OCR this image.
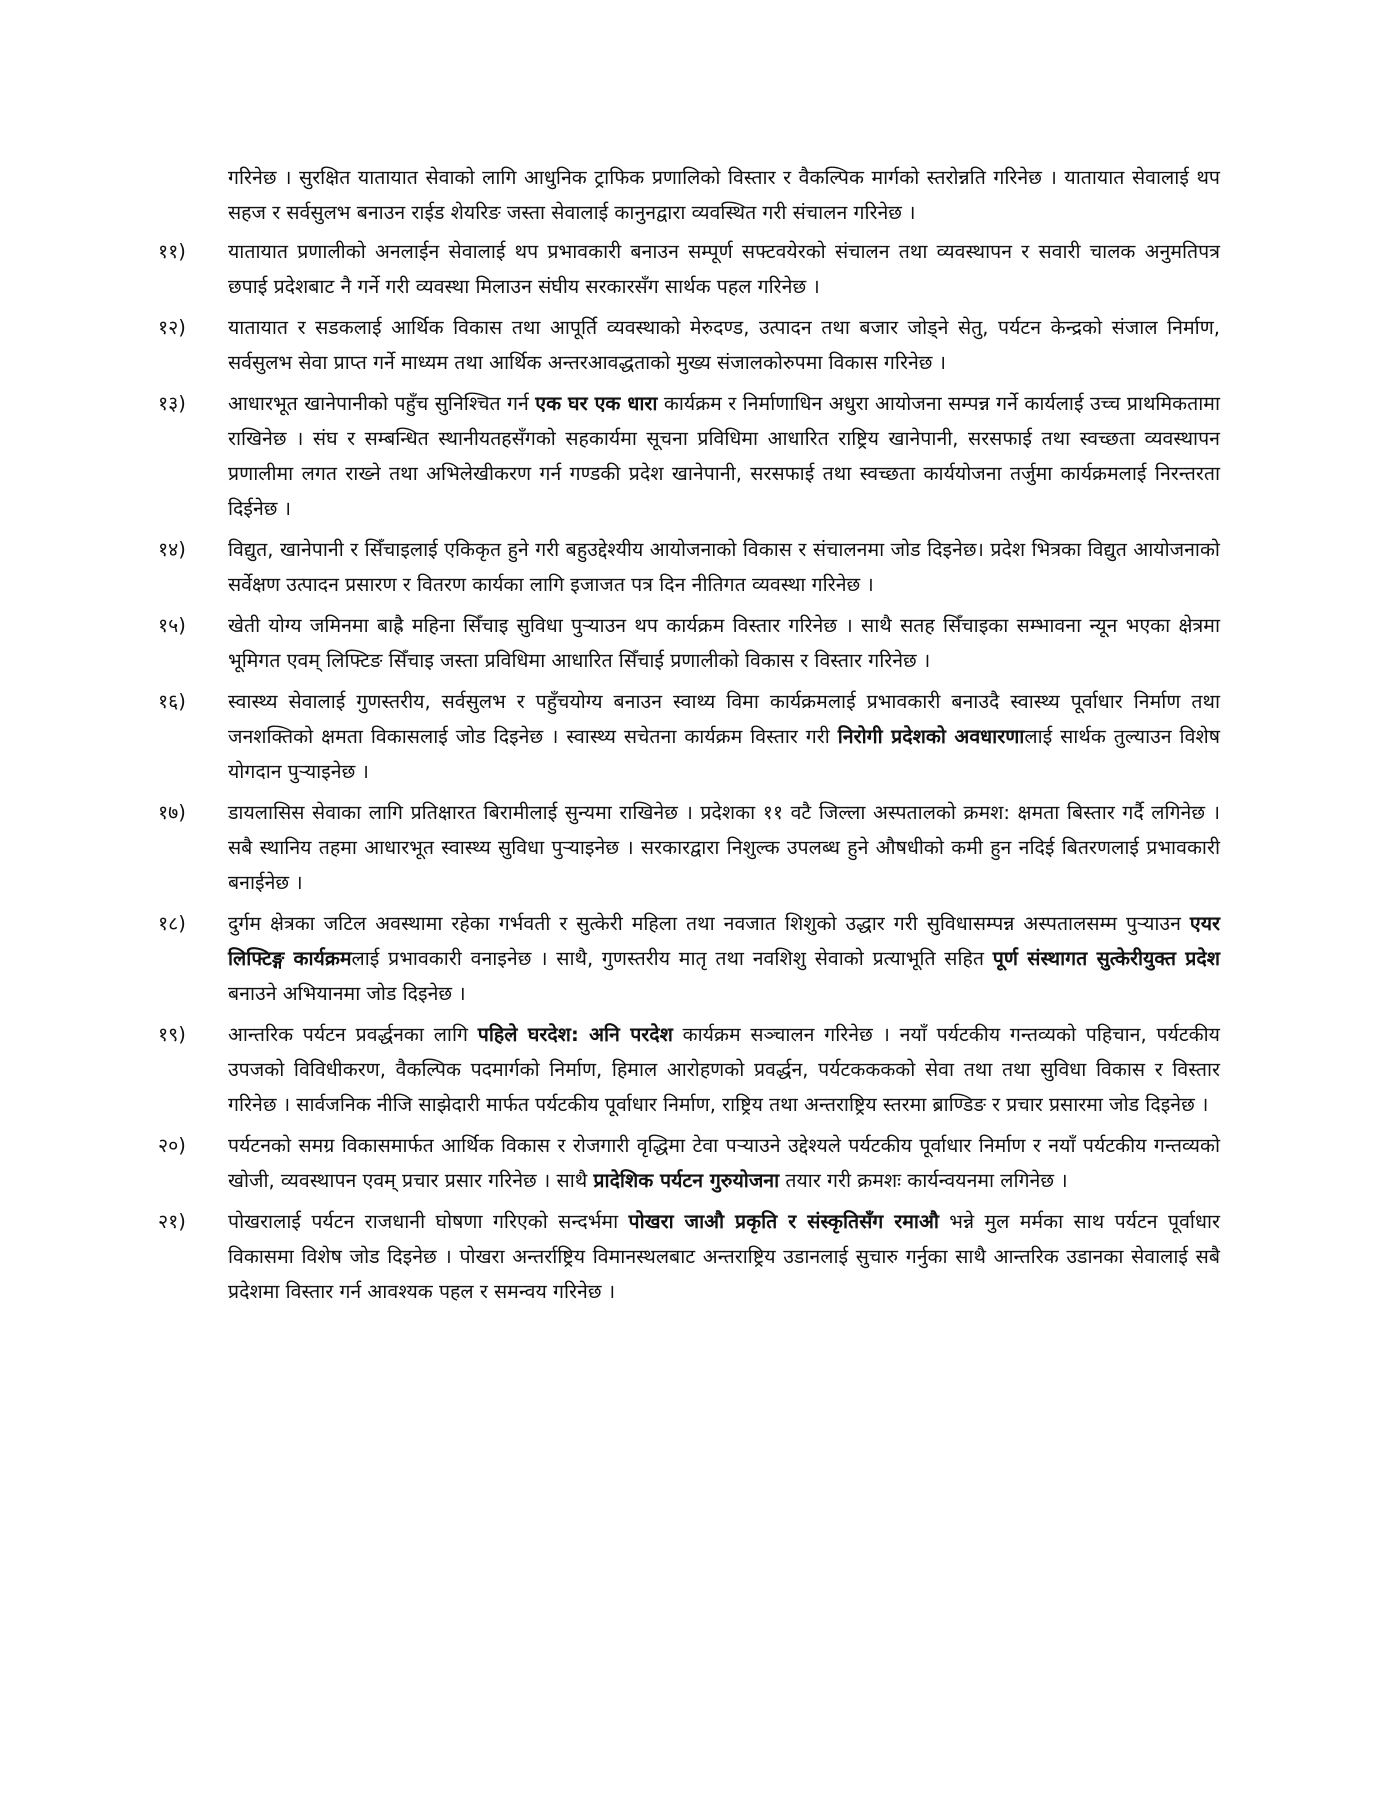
गरिनेछ । सुरक्षित यातायात सेवाको लागि आधुनिक ट्राफिक प्रणालिको विस्तार र वैकल्पिक मार्गको स्तरोन्नति गरिनेछ । यातायात सेवालाई थप सहज र सर्वसुलभ बनाउन राईड शेयरिङ जस्ता सेवालाई कानुनद्वारा व्यवस्थित गरी संचालन गरिनेछ ।

११)	यातायात प्रणालीको अनलाईन सेवालाई थप प्रभावकारी बनाउन सम्पूर्ण सफ्टवयेरको संचालन तथा व्यवस्थापन र सवारी चालक अनुमतिपत्र छपाई प्रदेशबाट नै गर्ने गरी व्यवस्था मिलाउन संघीय सरकारसँग सार्थक पहल गरिनेछ ।
१२)	यातायात र सडकलाई आर्थिक विकास तथा आपूर्ति व्यवस्थाको मेरुदण्ड, उत्पादन तथा बजार जोड्ने सेतु, पर्यटन केन्द्रको संजाल निर्माण, सर्वसुलभ सेवा प्राप्त गर्ने माध्यम तथा आर्थिक अन्तरआवद्धताको मुख्य संजालकोरुपमा विकास गरिनेछ ।
१३)	आधारभूत खानेपानीको पहुँच सुनिश्चित गर्न एक घर एक धारा कार्यक्रम र निर्माणाधिन अधुरा आयोजना सम्पन्न गर्ने कार्यलाई उच्च प्राथमिकतामा राखिनेछ । संघ र सम्बन्धित स्थानीयतहसँगको सहकार्यमा सूचना प्रविधिमा आधारित राष्ट्रिय खानेपानी, सरसफाई तथा स्वच्छता व्यवस्थापन प्रणालीमा लगत राख्ने तथा अभिलेखीकरण गर्न गण्डकी प्रदेश खानेपानी, सरसफाई तथा स्वच्छता कार्ययोजना तर्जुमा कार्यक्रमलाई निरन्तरता दिईनेछ ।
१४)	विद्युत, खानेपानी र सिँचाइलाई एकिकृत हुने गरी बहुउद्देश्यीय आयोजनाको विकास र संचालनमा जोड दिइनेछ। प्रदेश भित्रका विद्युत आयोजनाको सर्वेक्षण उत्पादन प्रसारण र वितरण कार्यका लागि इजाजत पत्र दिन नीतिगत व्यवस्था गरिनेछ ।
१५)	खेती योग्य जमिनमा बाह्रै महिना सिँचाइ सुविधा पुऱ्याउन थप कार्यक्रम विस्तार गरिनेछ । साथै सतह सिँचाइका सम्भावना न्यून भएका क्षेत्रमा भूमिगत एवम् लिफ्टिङ सिँचाइ जस्ता प्रविधिमा आधारित सिँचाई प्रणालीको विकास र विस्तार गरिनेछ ।
१६)	स्वास्थ्य सेवालाई गुणस्तरीय, सर्वसुलभ र पहुँचयोग्य बनाउन स्वाथ्य विमा कार्यक्रमलाई प्रभावकारी बनाउदै स्वास्थ्य पूर्वाधार निर्माण तथा जनशक्तिको क्षमता विकासलाई जोड दिइनेछ । स्वास्थ्य सचेतना कार्यक्रम विस्तार गरी निरोगी प्रदेशको अवधारणालाई सार्थक तुल्याउन विशेष योगदान पुऱ्याइनेछ ।
१७)	डायलासिस सेवाका लागि प्रतिक्षारत बिरामीलाई सुन्यमा राखिनेछ । प्रदेशका ११ वटै जिल्ला अस्पतालको क्रमश: क्षमता बिस्तार गर्दै लगिनेछ । सबै स्थानिय तहमा आधारभूत स्वास्थ्य सुविधा पुऱ्याइनेछ । सरकारद्वारा निशुल्क उपलब्ध हुने औषधीको कमी हुन नदिई बितरणलाई प्रभावकारी बनाईनेछ ।
१८)	दुर्गम क्षेत्रका जटिल अवस्थामा रहेका गर्भवती र सुत्केरी महिला तथा नवजात शिशुको उद्धार गरी सुविधासम्पन्न अस्पतालसम्म पुऱ्याउन एयर लिफ्टिङ्ग कार्यक्रमलाई प्रभावकारी वनाइनेछ । साथै, गुणस्तरीय मातृ तथा नवशिशु सेवाको प्रत्याभूति सहित पूर्ण संस्थागत सुत्केरीयुक्त प्रदेश बनाउने अभियानमा जोड दिइनेछ ।
१९)	आन्तरिक पर्यटन प्रवर्द्धनका लागि पहिले घरदेश: अनि परदेश कार्यक्रम सञ्चालन गरिनेछ । नयाँ पर्यटकीय गन्तव्यको पहिचान, पर्यटकीय उपजको विविधीकरण, वैकल्पिक पदमार्गको निर्माण, हिमाल आरोहणको प्रवर्द्धन, पर्यटकककको सेवा तथा तथा सुविधा विकास र विस्तार गरिनेछ । सार्वजनिक नीजि साझेदारी मार्फत पर्यटकीय पूर्वाधार निर्माण, राष्ट्रिय तथा अन्तराष्ट्रिय स्तरमा ब्राण्डिङ र प्रचार प्रसारमा जोड दिइनेछ ।
२०)	पर्यटनको समग्र विकासमार्फत आर्थिक विकास र रोजगारी वृद्धिमा टेवा पऱ्याउने उद्देश्यले पर्यटकीय पूर्वाधार निर्माण र नयाँ पर्यटकीय गन्तव्यको खोजी, व्यवस्थापन एवम् प्रचार प्रसार गरिनेछ । साथै प्रादेशिक पर्यटन गुरुयोजना तयार गरी क्रमशः कार्यन्वयनमा लगिनेछ ।
२१)	पोखरालाई पर्यटन राजधानी घोषणा गरिएको सन्दर्भमा पोखरा जाऔ प्रकृति र संस्कृतिसँग रमाऔ भन्ने मुल मर्मका साथ पर्यटन पूर्वाधार विकासमा विशेष जोड दिइनेछ । पोखरा अन्तर्राष्ट्रिय विमानस्थलबाट अन्तराष्ट्रिय उडानलाई सुचारु गर्नुका साथै आन्तरिक उडानका सेवालाई सबै प्रदेशमा विस्तार गर्न आवश्यक पहल र समन्वय गरिनेछ ।
